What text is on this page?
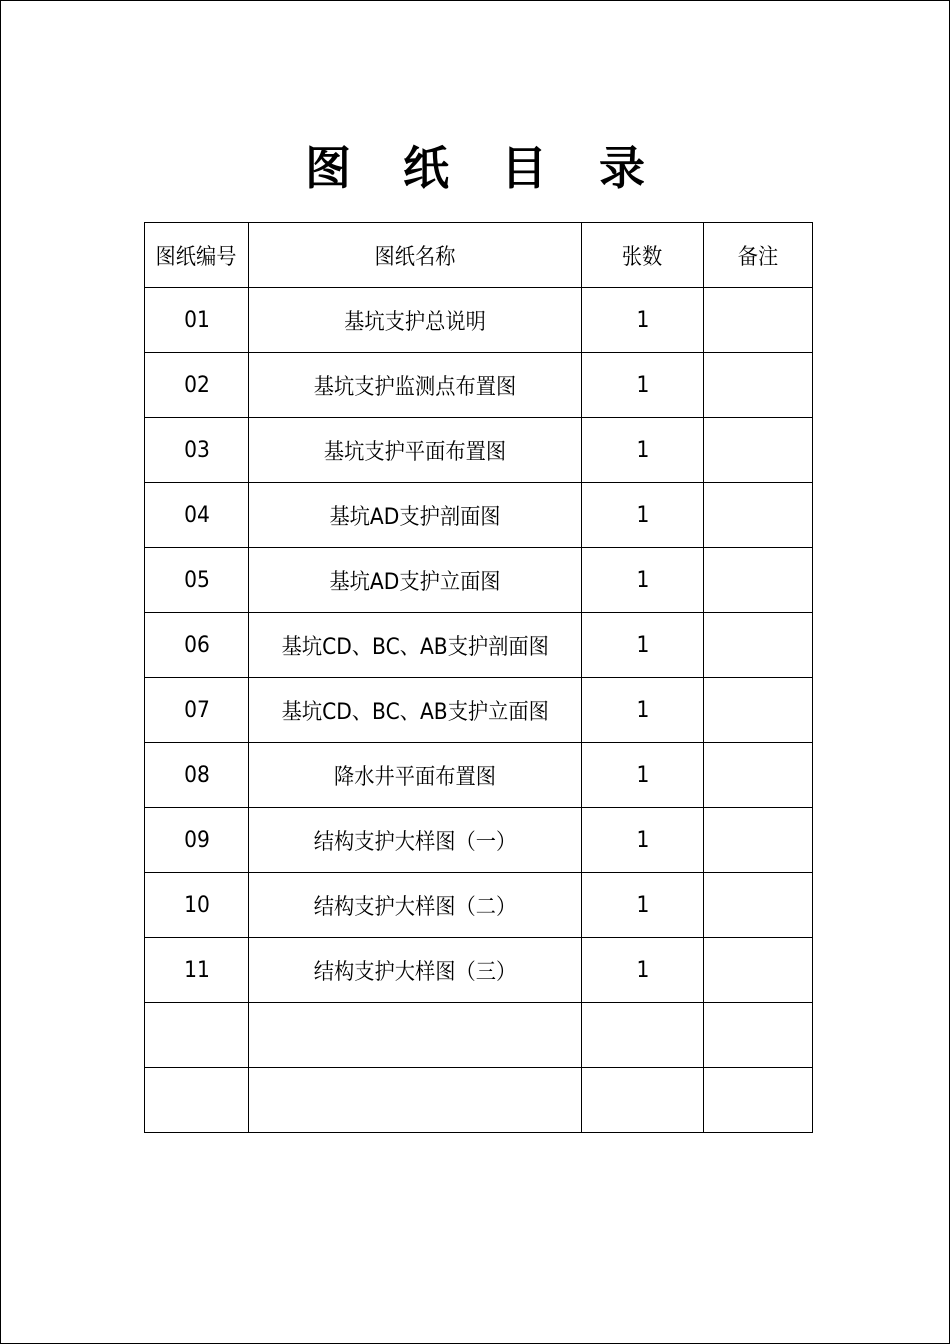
图 纸 目 录
图纸编号	图纸名称	张数	备注
01	基坑支护总说明	1	
02	基坑支护监测点布置图	1	
03	基坑支护平面布置图	1	
04	基坑AD支护剖面图	1	
05	基坑AD支护立面图	1	
06	基坑CD、BC、AB支护剖面图	1	
07	基坑CD、BC、AB支护立面图	1	
08	降水井平面布置图	1	
09	结构支护大样图（一）	1	
10	结构支护大样图（二）	1	
11	结构支护大样图（三）	1	
